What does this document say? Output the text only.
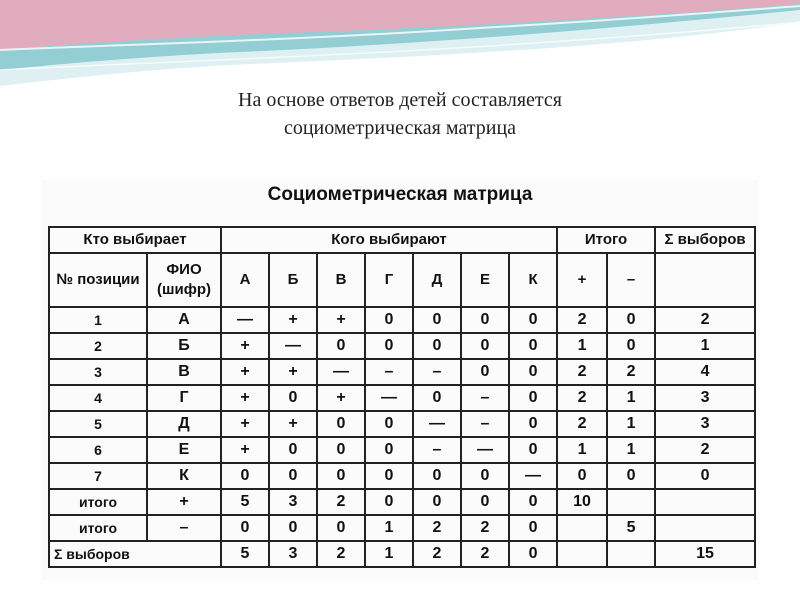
На основе ответов детей составляется
социометрическая матрица
Социометрическая матрица
Кто выбирает		Кого выбирают							Итого		Σ выборов
№ позиции	ФИО (шифр)	А	Б	В	Г	Д	Е	К	+	–	
1	А	—	+	+	0	0	0	0	2	0	2
2	Б	+	—	0	0	0	0	0	1	0	1
3	В	+	+	—	–	–	0	0	2	2	4
4	Г	+	0	+	—	0	–	0	2	1	3
5	Д	+	+	0	0	—	–	0	2	1	3
6	Е	+	0	0	0	–	—	0	1	1	2
7	К	0	0	0	0	0	0	—	0	0	0
итого	+	5	3	2	0	0	0	0	10		
итого	–	0	0	0	1	2	2	0		5	
Σ выборов		5	3	2	1	2	2	0			15
